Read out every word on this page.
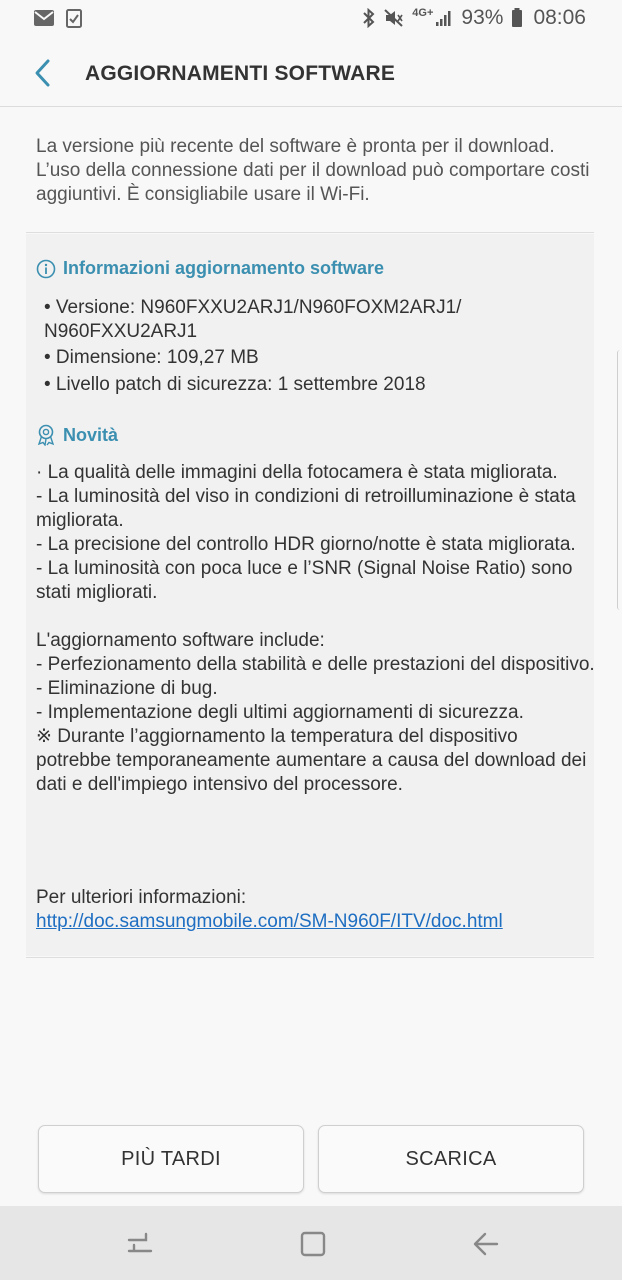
4G+ 93% 08:06
AGGIORNAMENTI SOFTWARE
La versione più recente del software è pronta per il download. L’uso della connessione dati per il download può comportare costi aggiuntivi. È consigliabile usare il Wi-Fi.
Informazioni aggiornamento software
• Versione: N960FXXU2ARJ1/N960FOXM2ARJ1/
N960FXXU2ARJ1
• Dimensione: 109,27 MB
• Livello patch di sicurezza: 1 settembre 2018
Novità
· La qualità delle immagini della fotocamera è stata migliorata.
- La luminosità del viso in condizioni di retroilluminazione è stata migliorata.
- La precisione del controllo HDR giorno/notte è stata migliorata.
- La luminosità con poca luce e l’SNR (Signal Noise Ratio) sono stati migliorati.
L'aggiornamento software include:
- Perfezionamento della stabilità e delle prestazioni del dispositivo.
- Eliminazione di bug.
- Implementazione degli ultimi aggiornamenti di sicurezza.
※ Durante l’aggiornamento la temperatura del dispositivo potrebbe temporaneamente aumentare a causa del download dei dati e dell'impiego intensivo del processore.
Per ulteriori informazioni:
http://doc.samsungmobile.com/SM-N960F/ITV/doc.html
PIÙ TARDI	SCARICA
